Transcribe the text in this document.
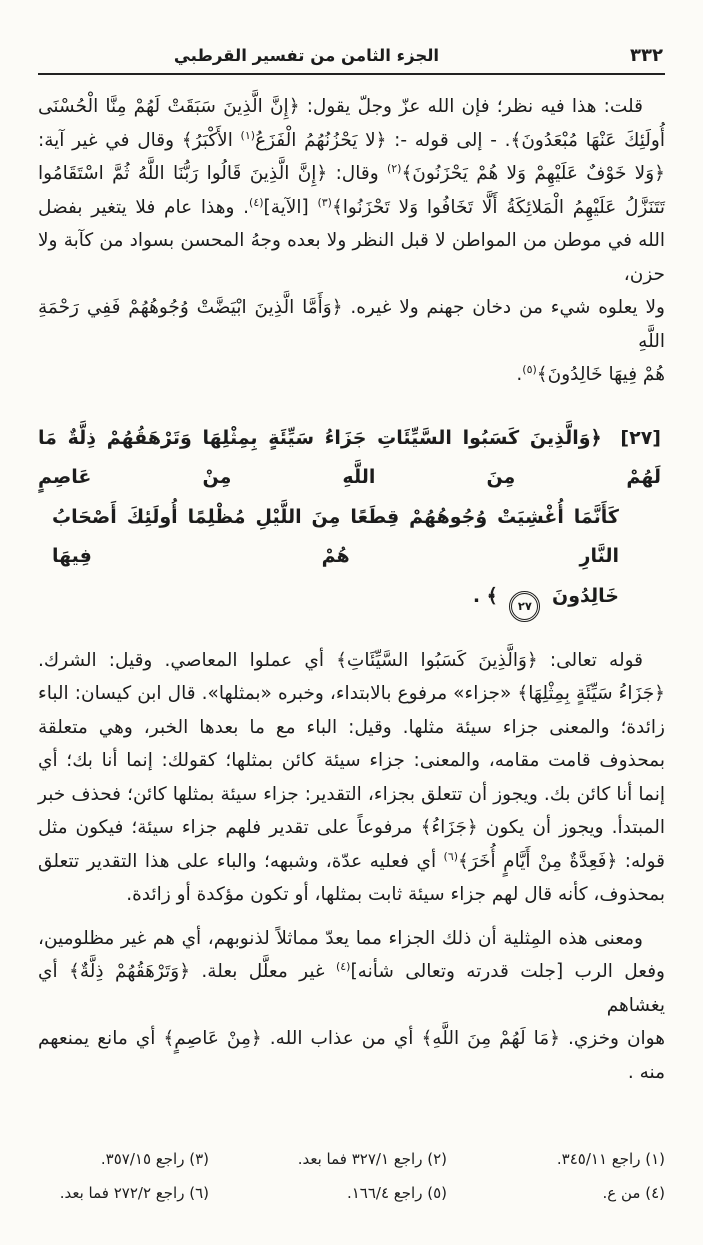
الجزء الثامن من تفسير القرطبي	٣٣٢
قلت: هذا فيه نظر؛ فإن الله عزّ وجلّ يقول: ﴿إِنَّ الَّذِينَ سَبَقَتْ لَهُمْ مِنَّا الْحُسْنَى
أُولَئِكَ عَنْهَا مُبْعَدُونَ﴾. - إلى قوله -: ﴿لا يَحْزُنُهُمُ الْفَزَعُ$^{(١)}$ الأَكْبَرُ﴾ وقال في غير آية:
﴿وَلا خَوْفٌ عَلَيْهِمْ وَلا هُمْ يَحْزَنُونَ﴾$^{(٢)}$ وقال: ﴿إِنَّ الَّذِينَ قَالُوا رَبُّنَا اللَّهُ ثُمَّ اسْتَقَامُوا
تَتَنَزَّلُ عَلَيْهِمُ الْمَلائِكَةُ أَلَّا تَخَافُوا وَلا تَحْزَنُوا﴾$^{(٣)}$ [الآية]$^{(٤)}$. وهذا عام فلا يتغير بفضل
الله في موطن من المواطن لا قبل النظر ولا بعده وجهُ المحسن بسواد من كآبة ولا حزن،
ولا يعلوه شيء من دخان جهنم ولا غيره. ﴿وَأَمَّا الَّذِينَ ابْيَضَّتْ وُجُوهُهُمْ فَفِي رَحْمَةِ اللَّهِ
هُمْ فِيهَا خَالِدُونَ﴾$^{(٥)}$.
[٢٧] ﴿وَالَّذِينَ كَسَبُوا السَّيِّئَاتِ جَزَاءُ سَيِّئَةٍ بِمِثْلِهَا وَتَرْهَقُهُمْ ذِلَّةٌ مَا لَهُمْ مِنَ اللَّهِ مِنْ عَاصِمٍ
كَأَنَّمَا أُغْشِيَتْ وُجُوهُهُمْ قِطَعًا مِنَ اللَّيْلِ مُظْلِمًا أُولَئِكَ أَصْحَابُ النَّارِ هُمْ فِيهَا
خَالِدُونَ ٢٧ ﴾ .
قوله تعالى: ﴿وَالَّذِينَ كَسَبُوا السَّيِّئَاتِ﴾ أي عملوا المعاصي. وقيل: الشرك.
﴿جَزَاءُ سَيِّئَةٍ بِمِثْلِهَا﴾ «جزاء» مرفوع بالابتداء، وخبره «بمثلها». قال ابن كيسان: الباء
زائدة؛ والمعنى جزاء سيئة مثلها. وقيل: الباء مع ما بعدها الخبر، وهي متعلقة
بمحذوف قامت مقامه، والمعنى: جزاء سيئة كائن بمثلها؛ كقولك: إنما أنا بك؛ أي
إنما أنا كائن بك. ويجوز أن تتعلق بجزاء، التقدير: جزاء سيئة بمثلها كائن؛ فحذف خبر
المبتدأ. ويجوز أن يكون ﴿جَزَاءُ﴾ مرفوعاً على تقدير فلهم جزاء سيئة؛ فيكون مثل
قوله: ﴿فَعِدَّةٌ مِنْ أَيَّامٍ أُخَرَ﴾$^{(٦)}$ أي فعليه عدّة، وشبهه؛ والباء على هذا التقدير تتعلق
بمحذوف، كأنه قال لهم جزاء سيئة ثابت بمثلها، أو تكون مؤكدة أو زائدة.
ومعنى هذه المِثلية أن ذلك الجزاء مما يعدّ مماثلاً لذنوبهم، أي هم غير مظلومين،
وفعل الرب [جلت قدرته وتعالى شأنه]$^{(٤)}$ غير معلَّل بعلة. ﴿وَتَرْهَقُهُمْ ذِلَّةٌ﴾ أي يغشاهم
هوان وخزي. ﴿مَا لَهُمْ مِنَ اللَّهِ﴾ أي من عذاب الله. ﴿مِنْ عَاصِمٍ﴾ أي مانع يمنعهم
منه .
(١) راجع ١١‏/٣٤٥.
(٢) راجع ١‏/٣٢٧ فما بعد.
(٣) راجع ١٥‏/٣٥٧.
(٤) من ع.
(٥) راجع ٤‏/١٦٦.
(٦) راجع ٢‏/٢٧٢ فما بعد.
